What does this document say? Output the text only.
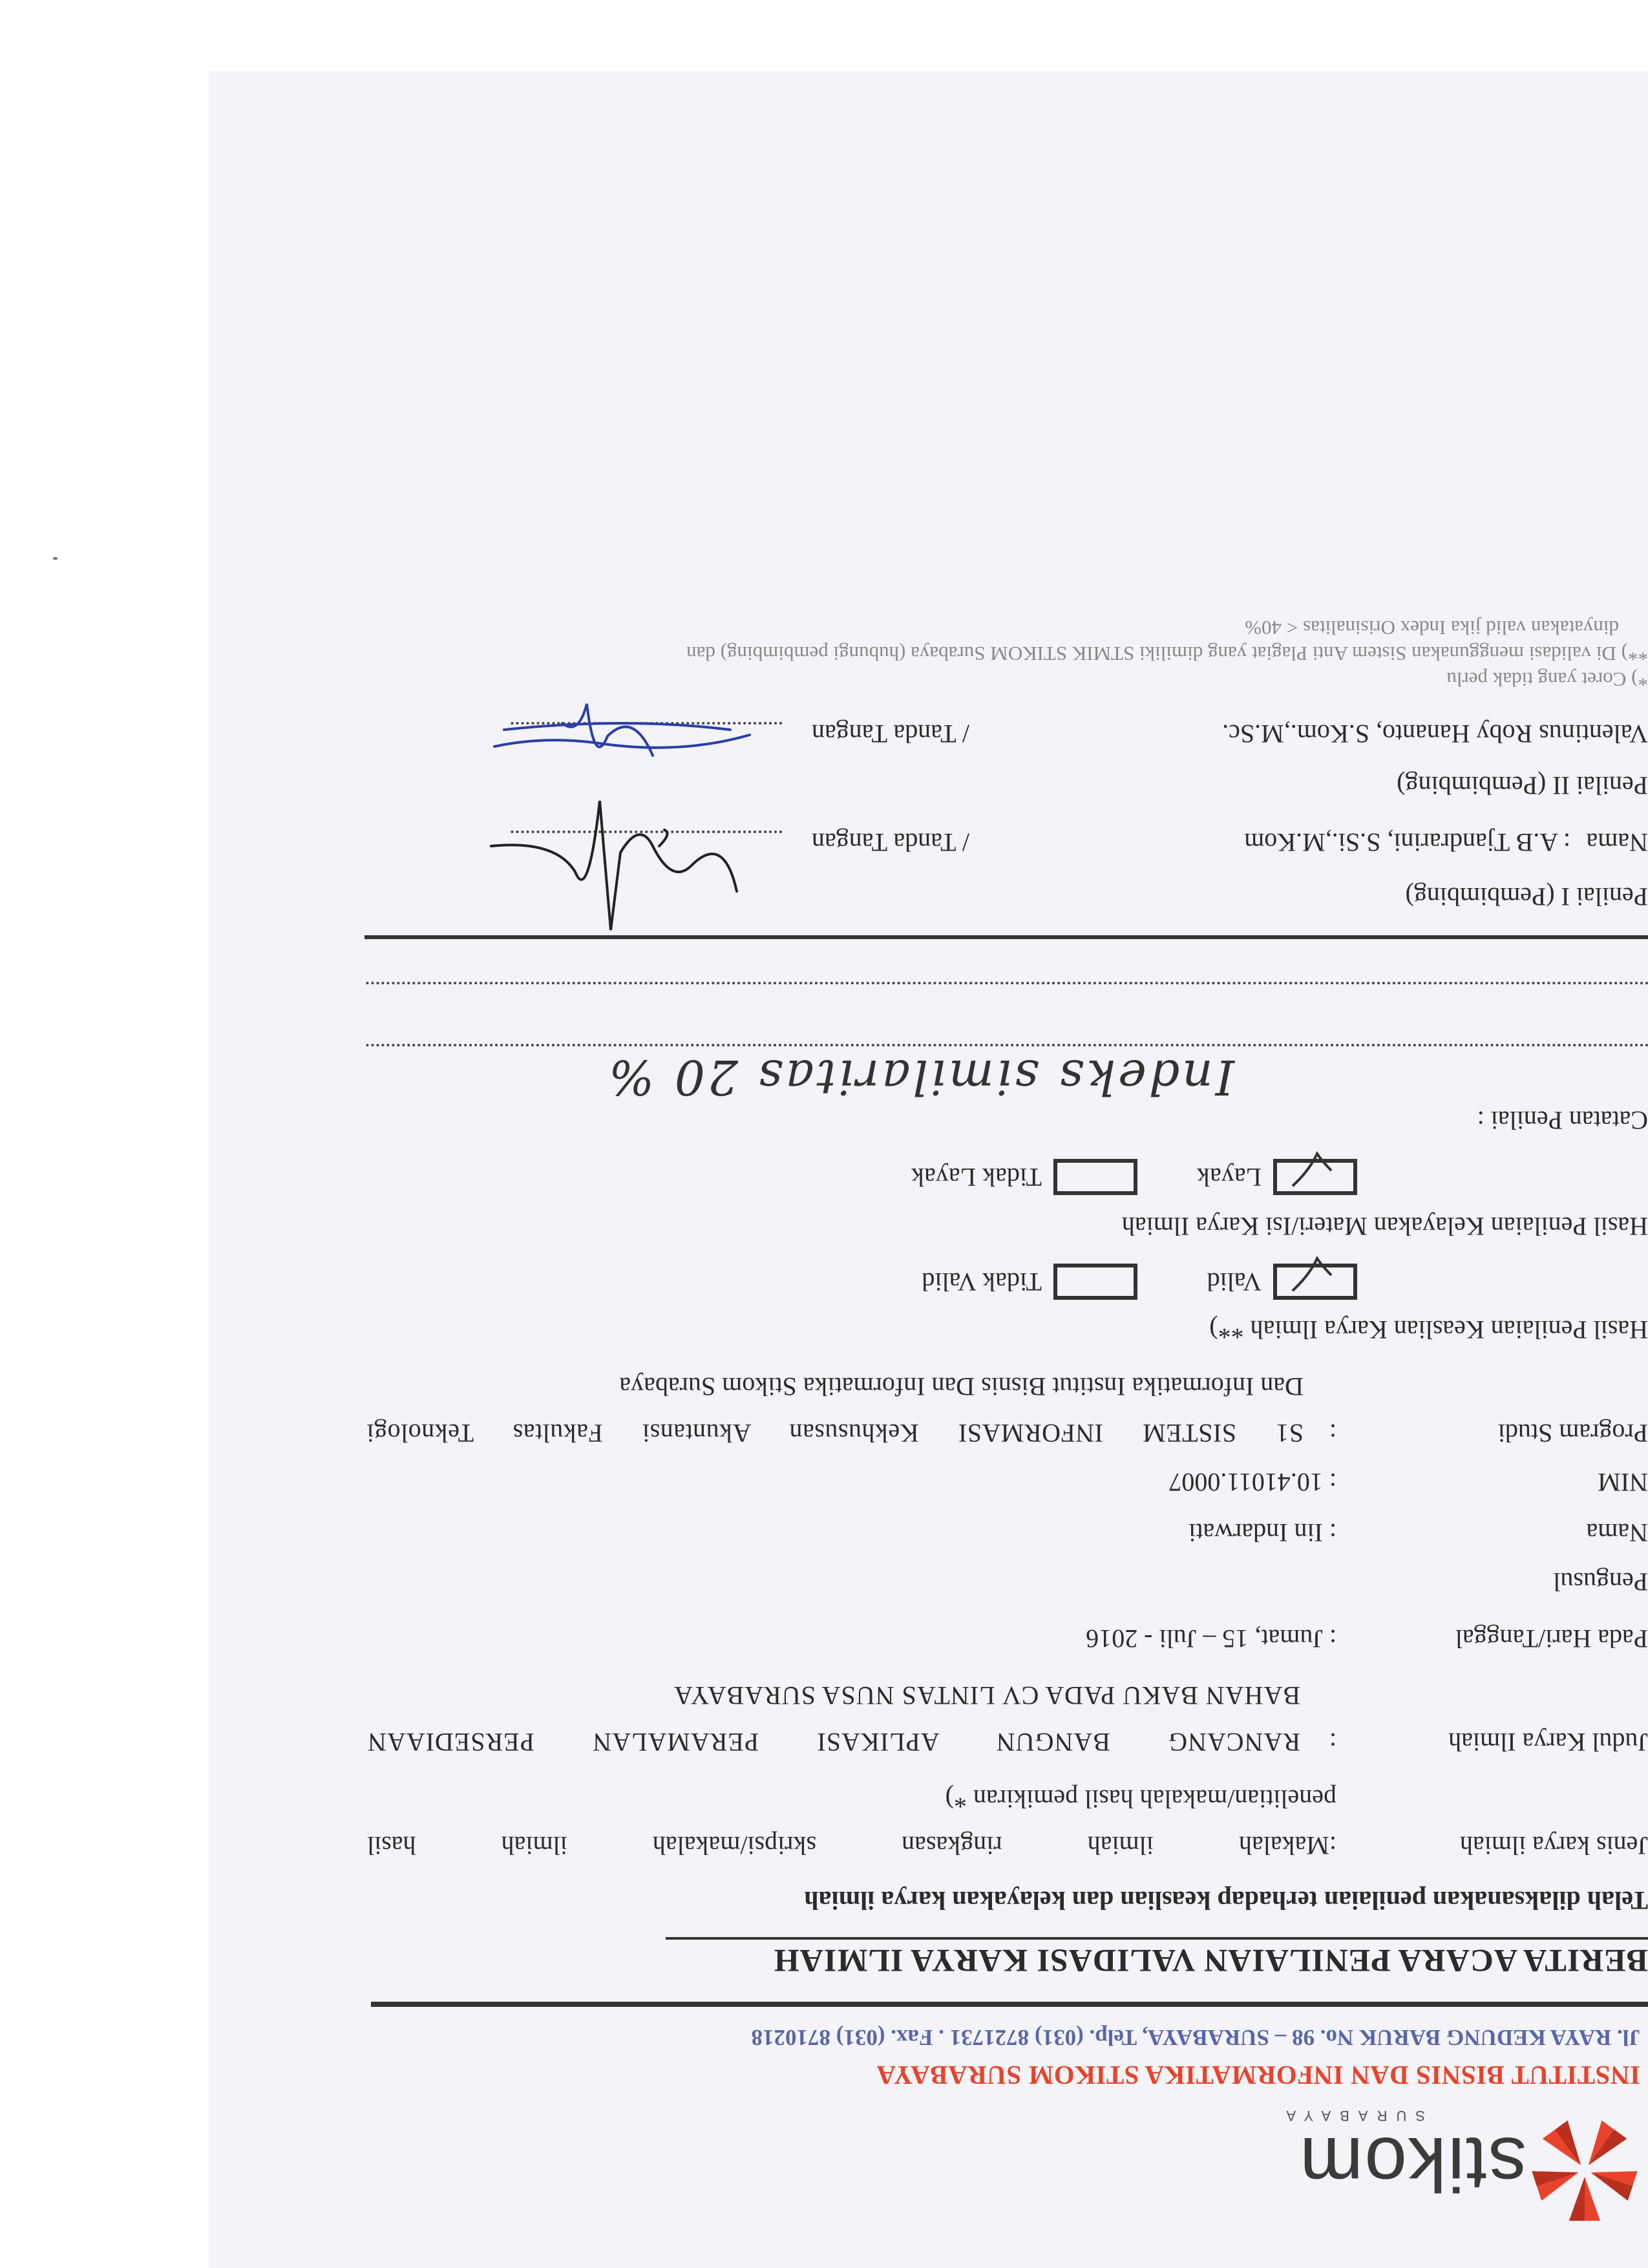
stikom
SURABAYA
INSTITUT BISNIS DAN INFORMATIKA STIKOM SURABAYA
Jl. RAYA KEDUNG BARUK No. 98 – SURABAYA, Telp. (031) 8721731 . Fax. (031) 8710218
BERITA ACARA PENILAIAN VALIDASI KARYA ILMIAH
Telah dilaksanakan penilaian terhadap keaslian dan kelayakan karya ilmiah
Jenis karya ilmiah
:Makalah ilmiah ringkasan skripsi/makalah ilmiah hasil
penelitian/makalah hasil pemikiran *)
Judul Karya Ilmiah
:
RANCANG BANGUN APLIKASI PERAMALAN PERSEDIAAN
BAHAN BAKU PADA CV LINTAS NUSA SURABAYA
Pada Hari/Tanggal
: Jumat, 15 – Juli - 2016
Pengusul
Nama
: Iin Indarwati
NIM
: 10.41011.0007
Program Studi
:
S1 SISTEM INFORMASI Kekhususan Akuntansi Fakultas Teknologi
Dan Informatika Institut Bisnis Dan Informatika Stikom Surabaya
Hasil Penilaian Keaslian Karya Ilmiah **)
Valid
Tidak Valid
Hasil Penilaian Kelayakan Materi/Isi Karya Ilmiah
Layak
Tidak Layak
Catatan Penilai :
Indeks similaritas 20 %
Penilai I (Pembimbing)
Nama
: A.B Tjandrarini, S.Si.,M.Kom
/ Tanda Tangan
Penilai II (Pembimbing)
Valentinus Roby Hananto, S.Kom.,M.Sc.
/ Tanda Tangan
*) Coret yang tidak perlu
**) Di validasi menggunakan Sistem Anti Plagiat yang dimiliki STMIK STIKOM Surabaya (hubungi pembimbing) dan
dinyatakan valid jika Index Orisinalitas < 40%
